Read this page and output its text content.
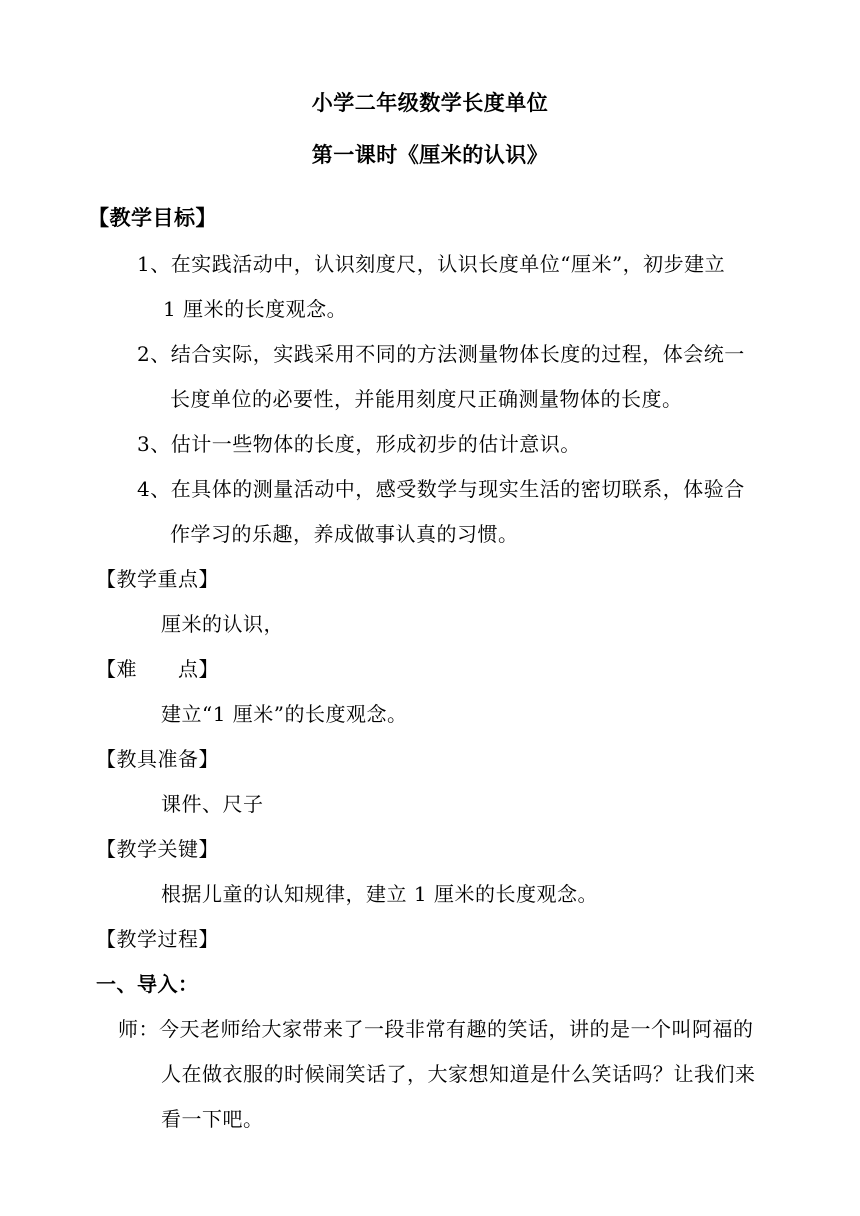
小学二年级数学长度单位
第一课时《厘米的认识》
【教学目标】
1、在实践活动中，认识刻度尺，认识长度单位“厘米”，初步建立
1 厘米的长度观念。
2、结合实际，实践采用不同的方法测量物体长度的过程，体会统一
长度单位的必要性，并能用刻度尺正确测量物体的长度。
3、估计一些物体的长度，形成初步的估计意识。
4、在具体的测量活动中，感受数学与现实生活的密切联系，体验合
作学习的乐趣，养成做事认真的习惯。
【教学重点】
厘米的认识，
【难　　点】
建立“1 厘米”的长度观念。
【教具准备】
课件、尺子
【教学关键】
根据儿童的认知规律，建立 1 厘米的长度观念。
【教学过程】
一、导入：
师：今天老师给大家带来了一段非常有趣的笑话，讲的是一个叫阿福的
人在做衣服的时候闹笑话了，大家想知道是什么笑话吗？让我们来
看一下吧。
